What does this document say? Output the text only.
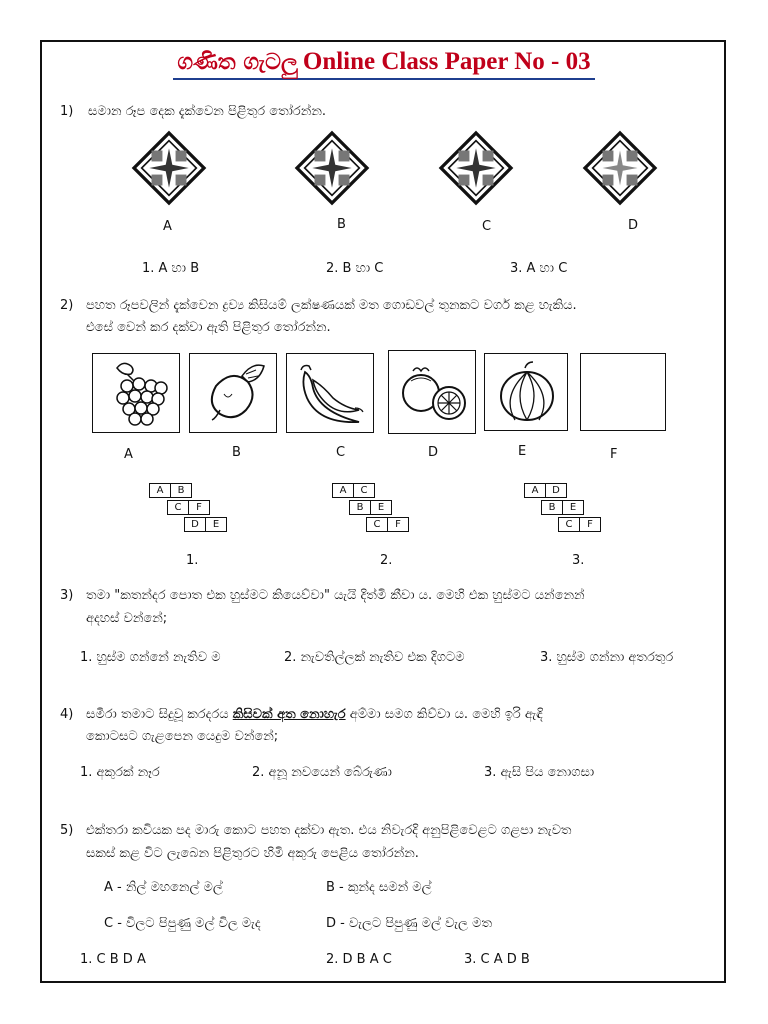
ගණිත ගැටලු Online Class Paper No - 03
1) සමාන රූප දෙක දැක්වෙන පිළිතුර තෝරන්න.
A	B	C	D
1. A හා B	2. B හා C	3. A හා C
2) පහත රූපවලින් දැක්වෙන ද්‍රව්‍ය කිසියම් ලක්ෂණයක් මත ගොඩවල් තුනකට වර්ග කළ හැකිය.
එසේ වෙන් කර දක්වා ඇති පිළිතුර තෝරන්න.
A	B	C	D	E	F
A	B
C	F
D	E
A	C
B	E
C	F
A	D
B	E
C	F
1.	2.	3.
3) තමා "කතන්දර පොත එක හුස්මට කියෙව්වා" යැයි දිත්මි කීවා ය. මෙහි එක හුස්මට යන්නෙන්
අදහස් වන්නේ;
1. හුස්ම ගන්නේ නැතිව ම	2. නැවතිල්ලක් නැතිව එක දිගටම	3. හුස්ම ගන්නා අතරතුර
4) සමීරා තමාට සිදුවූ කරදරය කිසිවක් අත නොහැර අම්මා සමග කිව්වා ය. මෙහි ඉරි ඇඳි
කොටසට ගැළපෙන යෙදුම වන්නේ;
1. අකුරක් නෑර	2. අනූ නවයෙන් බේරුණා	3. ඇසි පිය නොගසා
5) එක්තරා කවියක පද මාරු කොට පහත දක්වා ඇත. එය නිවැරදි අනුපිළිවෙළට ගළපා නැවත
සකස් කළ විට ලැබෙන පිළිතුරට හිමි අකුරු පෙළිය තෝරන්න.
A - නිල් මහනෙල් මල්	B - කුන්ද සමන් මල්
C - විලට පිපුණු මල් විල මැද	D - වැලට පිපුණු මල් වැල මත
1. C B D A	2. D B A C	3. C A D B
